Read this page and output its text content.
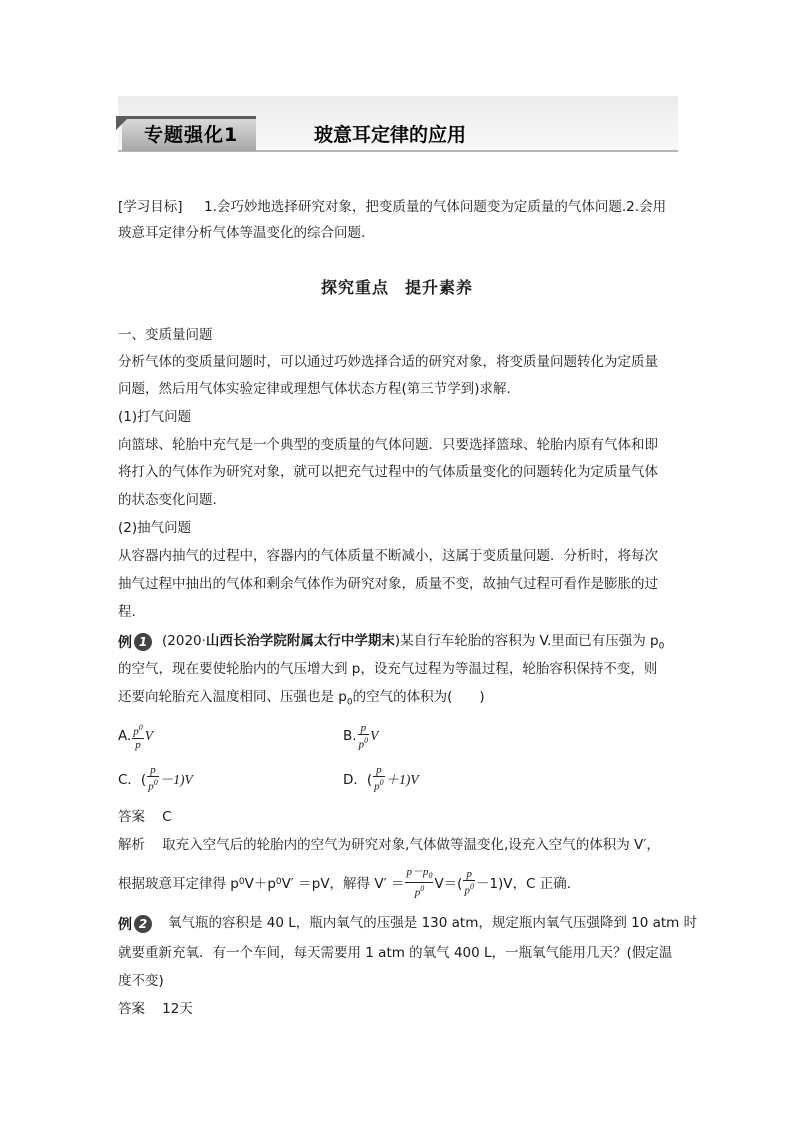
专题强化1	玻意耳定律的应用
[学习目标] 1.会巧妙地选择研究对象，把变质量的气体问题变为定质量的气体问题.2.会用
玻意耳定律分析气体等温变化的综合问题.
探究重点 提升素养
一、变质量问题
分析气体的变质量问题时，可以通过巧妙选择合适的研究对象，将变质量问题转化为定质量
问题，然后用气体实验定律或理想气体状态方程(第三节学到)求解.
(1)打气问题
向篮球、轮胎中充气是一个典型的变质量的气体问题．只要选择篮球、轮胎内原有气体和即
将打入的气体作为研究对象，就可以把充气过程中的气体质量变化的问题转化为定质量气体
的状态变化问题.
(2)抽气问题
从容器内抽气的过程中，容器内的气体质量不断减小，这属于变质量问题．分析时，将每次
抽气过程中抽出的气体和剩余气体作为研究对象，质量不变，故抽气过程可看作是膨胀的过
程.
例 1	(2020·山西长治学院附属太行中学期末)某自行车轮胎的容积为 V.里面已有压强为 $p_0$
的空气，现在要使轮胎内的气压增大到 p，设充气过程为等温过程，轮胎容积保持不变，则
还要向轮胎充入温度相同、压强也是 $p_0$的空气的体积为(　　)
A. $\frac{p^0}{p}$ V	B. $\frac{p}{p^0}$ V
C．( $\frac{p}{p^0} -1)V$	D．( $\frac{p}{p^0} +1)V$
答案 C
解析 取充入空气后的轮胎内的空气为研究对象,气体做等温变化,设充入空气的体积为 V′，
根据玻意耳定律得 p 0 V＋p 0 V′ ＝pV，解得 $V' = \frac{p-p_0}{p^0} V=( \frac{p}{p^0} -1)V$，C 正确.
例 2	氧气瓶的容积是 40 L，瓶内氧气的压强是 130 atm，规定瓶内氧气压强降到 10 atm 时
就要重新充氧．有一个车间，每天需要用 1 atm 的氧气 400 L，一瓶氧气能用几天？(假定温
度不变)
答案 12天
